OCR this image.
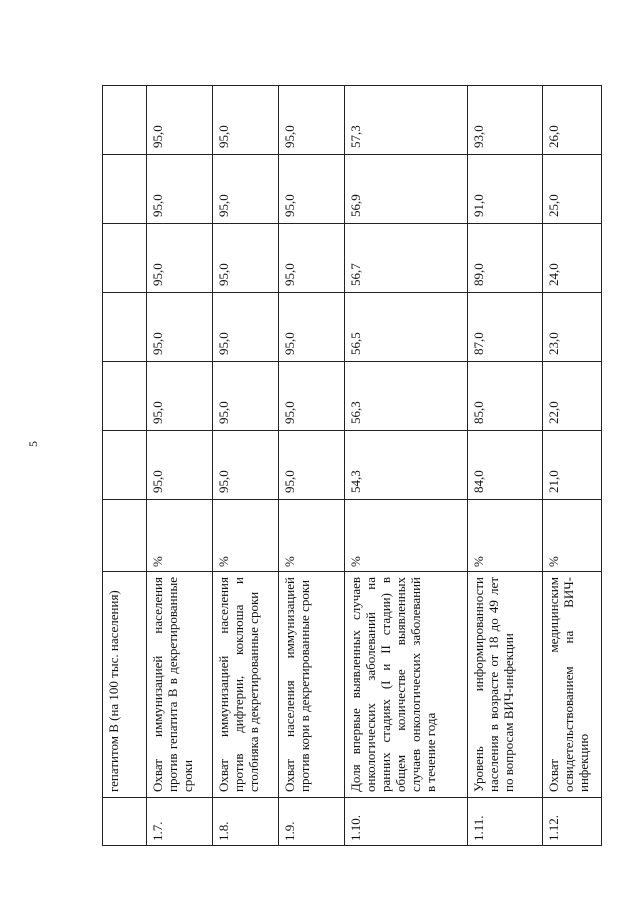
5
	гепатитом В (на 100 тыс. населения)							
1.7.	Охват иммунизацией населения против гепатита В в декретированные сроки	%	95,0	95,0	95,0	95,0	95,0	95,0
1.8.	Охват иммунизацией населения против дифтерии, коклюша и столбняка в декретированные сроки	%	95,0	95,0	95,0	95,0	95,0	95,0
1.9.	Охват населения иммунизацией против кори в декретированные сроки	%	95,0	95,0	95,0	95,0	95,0	95,0
1.10.	Доля впервые выявленных случаев онкологических заболеваний на ранних стадиях (I и II стадии) в общем количестве выявленных случаев онкологических заболеваний в течение года	%	54,3	56,3	56,5	56,7	56,9	57,3
1.11.	Уровень информированности населения в возрасте от 18 до 49 лет по вопросам ВИЧ-инфекции	%	84,0	85,0	87,0	89,0	91,0	93,0
1.12.	Охват медицинским освидетельствованием на ВИЧ-инфекцию	%	21,0	22,0	23,0	24,0	25,0	26,0
